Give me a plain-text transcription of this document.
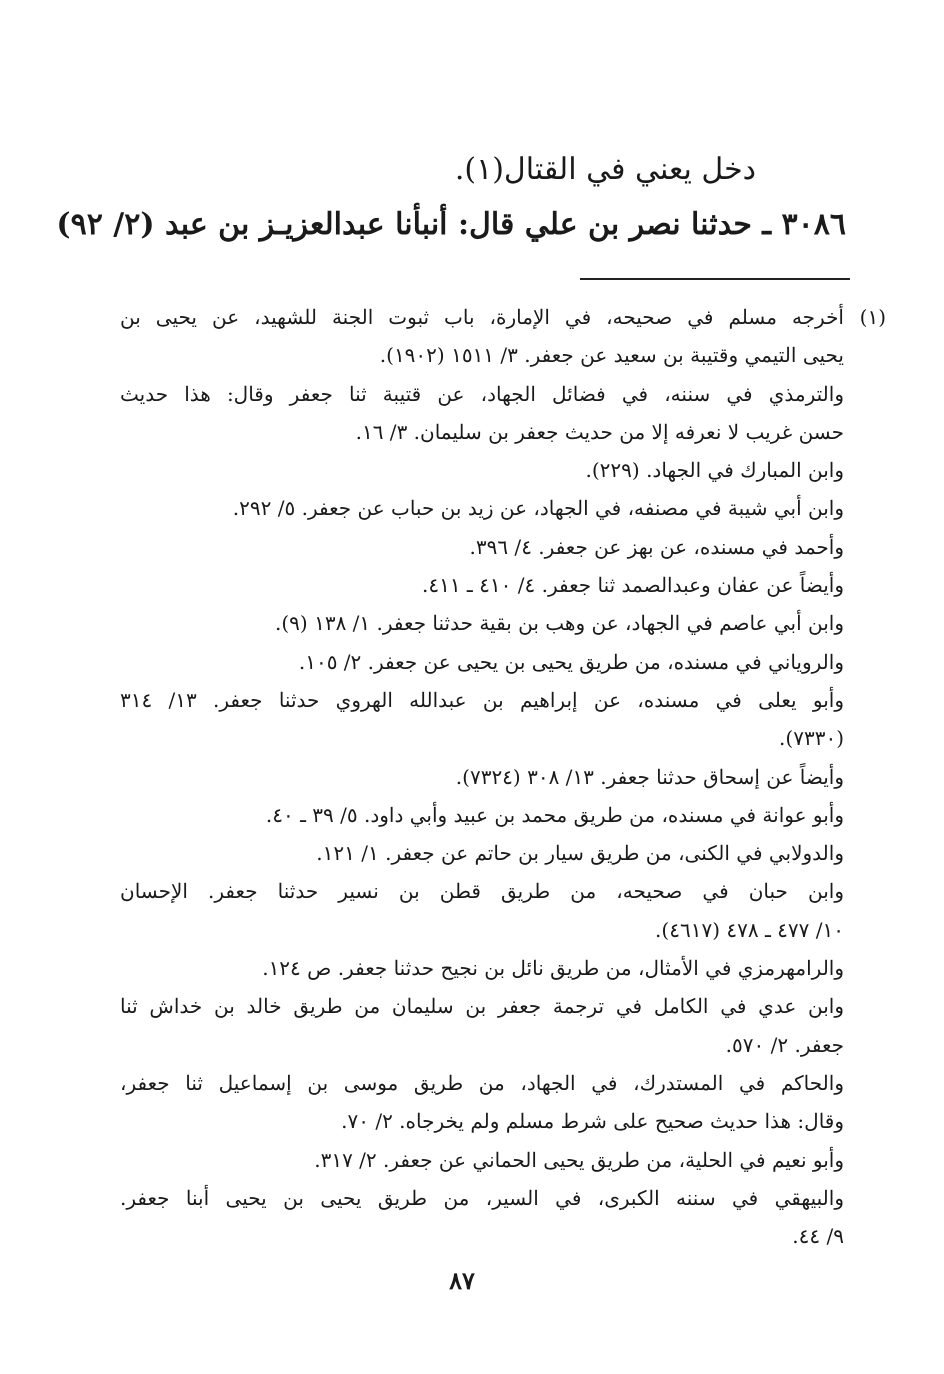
دخل يعني في القتال(١).
٣٠٨٦ ـ حدثنا نصر بن علي قال: أنبأنا عبدالعزيـز بن عبد (٢/ ٩٢)
(١)أخرجه مسلم في صحيحه، في الإمارة، باب ثبوت الجنة للشهيد، عن يحيى بن
يحيى التيمي وقتيبة بن سعيد عن جعفر. ٣/ ١٥١١ (١٩٠٢).
والترمذي في سننه، في فضائل الجهاد، عن قتيبة ثنا جعفر وقال: هذا حديث
حسن غريب لا نعرفه إلا من حديث جعفر بن سليمان. ٣/ ١٦.
وابن المبارك في الجهاد. (٢٢٩).
وابن أبي شيبة في مصنفه، في الجهاد، عن زيد بن حباب عن جعفر. ٥/ ٢٩٢.
وأحمد في مسنده، عن بهز عن جعفر. ٤/ ٣٩٦.
وأيضاً عن عفان وعبدالصمد ثنا جعفر. ٤/ ٤١٠ ـ ٤١١.
وابن أبي عاصم في الجهاد، عن وهب بن بقية حدثنا جعفر. ١/ ١٣٨ (٩).
والروياني في مسنده، من طريق يحيى بن يحيى عن جعفر. ٢/ ١٠٥.
وأبو يعلى في مسنده، عن إبراهيم بن عبدالله الهروي حدثنا جعفر. ١٣/ ٣١٤
(٧٣٣٠).
وأيضاً عن إسحاق حدثنا جعفر. ١٣/ ٣٠٨ (٧٣٢٤).
وأبو عوانة في مسنده، من طريق محمد بن عبيد وأبي داود. ٥/ ٣٩ ـ ٤٠.
والدولابي في الكنى، من طريق سيار بن حاتم عن جعفر. ١/ ١٢١.
وابن حبان في صحيحه، من طريق قطن بن نسير حدثنا جعفر. الإحسان
١٠/ ٤٧٧ ـ ٤٧٨ (٤٦١٧).
والرامهرمزي في الأمثال، من طريق نائل بن نجيح حدثنا جعفر. ص ١٢٤.
وابن عدي في الكامل في ترجمة جعفر بن سليمان من طريق خالد بن خداش ثنا
جعفر. ٢/ ٥٧٠.
والحاكم في المستدرك، في الجهاد، من طريق موسى بن إسماعيل ثنا جعفر،
وقال: هذا حديث صحيح على شرط مسلم ولم يخرجاه. ٢/ ٧٠.
وأبو نعيم في الحلية، من طريق يحيى الحماني عن جعفر. ٢/ ٣١٧.
والبيهقي في سننه الكبرى، في السير، من طريق يحيى بن يحيى أبنا جعفر.
٩/ ٤٤.
٨٧
